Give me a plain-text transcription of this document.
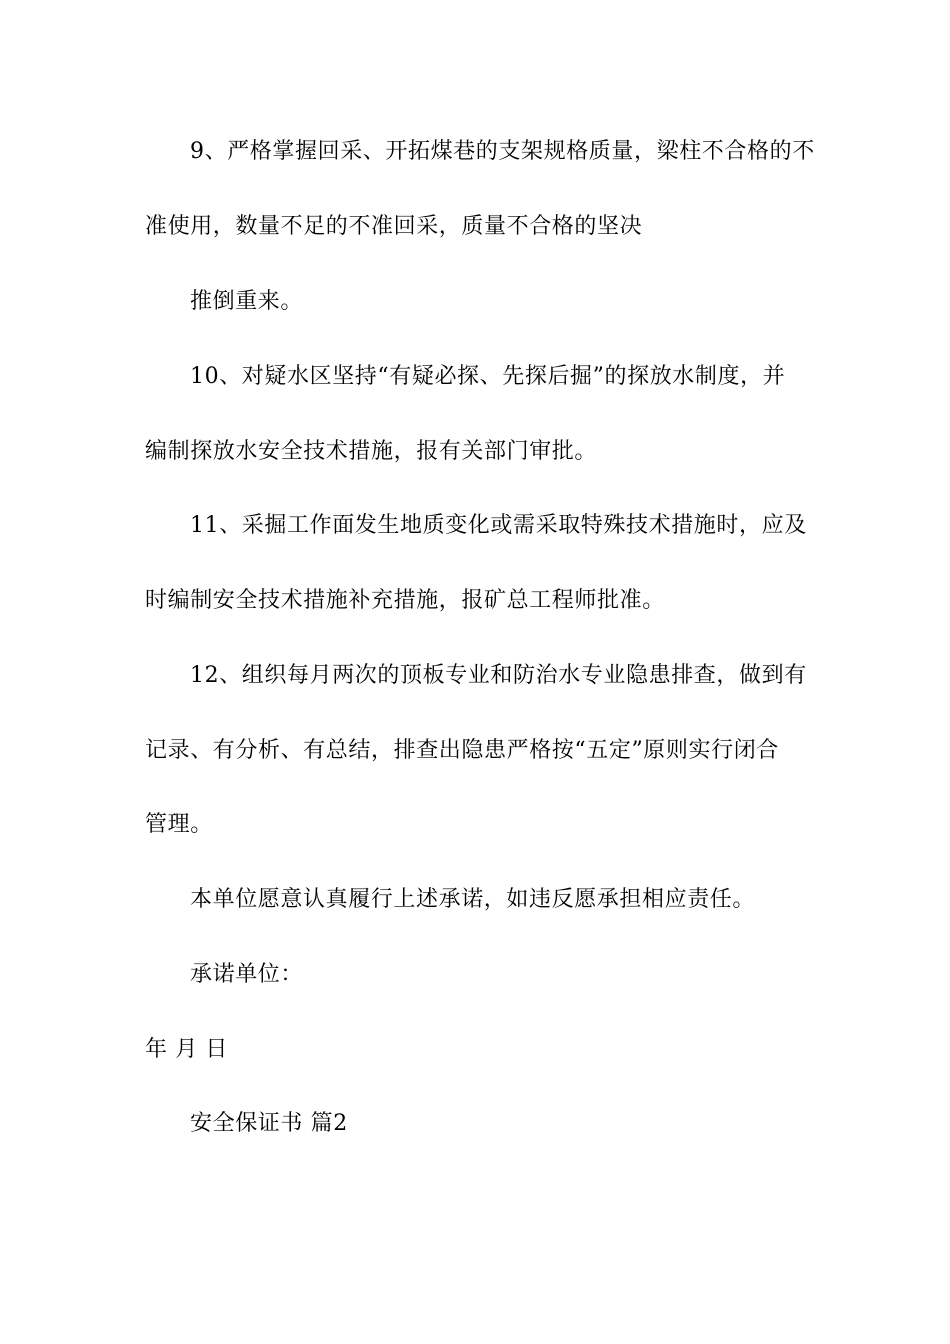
9、严格掌握回采、开拓煤巷的支架规格质量，梁柱不合格的不
准使用，数量不足的不准回采，质量不合格的坚决
推倒重来。
10、对疑水区坚持“有疑必探、先探后掘”的探放水制度，并
编制探放水安全技术措施，报有关部门审批。
11、采掘工作面发生地质变化或需采取特殊技术措施时，应及
时编制安全技术措施补充措施，报矿总工程师批准。
12、组织每月两次的顶板专业和防治水专业隐患排查，做到有
记录、有分析、有总结，排查出隐患严格按“五定”原则实行闭合
管理。
本单位愿意认真履行上述承诺，如违反愿承担相应责任。
承诺单位：
年 月 日
安全保证书 篇2
